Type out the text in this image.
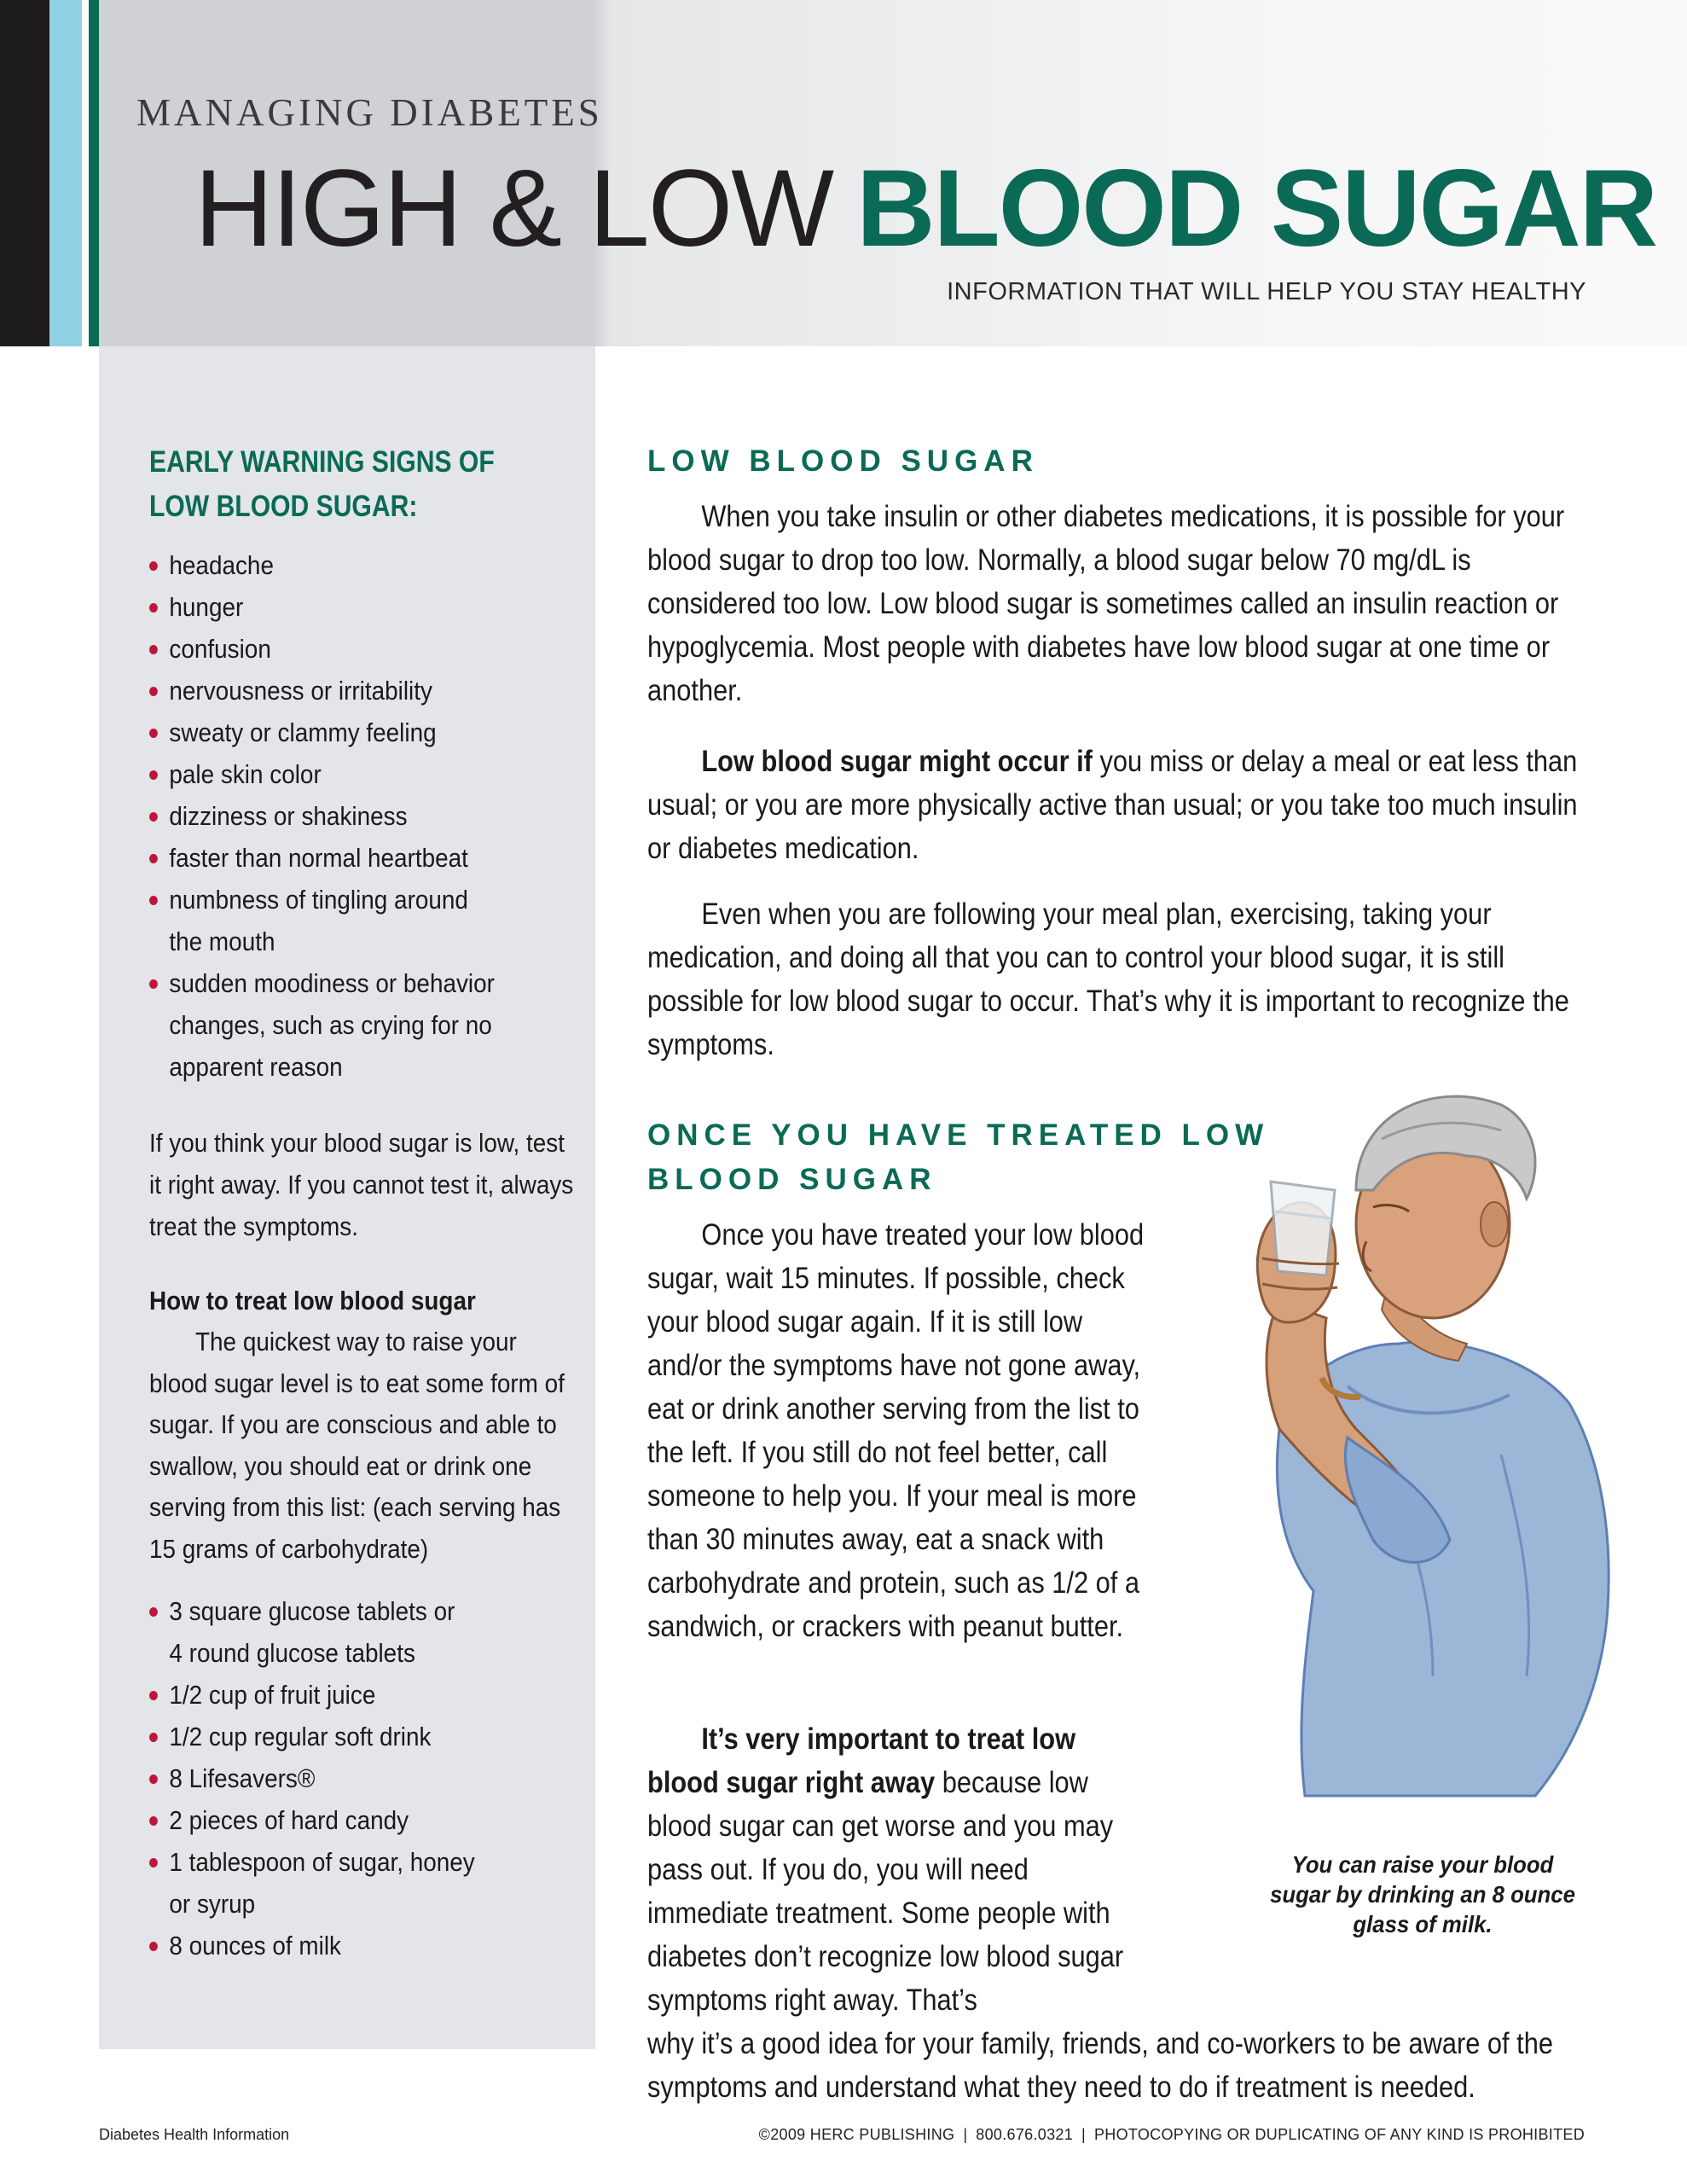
MANAGING DIABETES

HIGH & LOW BLOOD SUGAR

INFORMATION THAT WILL HELP YOU STAY HEALTHY

EARLY WARNING SIGNS OF
LOW BLOOD SUGAR:
headache
hunger
confusion
nervousness or irritability
sweaty or clammy feeling
pale skin color
dizziness or shakiness
faster than normal heartbeat
numbness of tingling around
the mouth
sudden moodiness or behavior
changes, such as crying for no
apparent reason

If you think your blood sugar is low, test it right away. If you cannot test it, always treat the symptoms.

How to treat low blood sugar

The quickest way to raise your blood sugar level is to eat some form of sugar. If you are conscious and able to swallow, you should eat or drink one serving from this list: (each serving has 15 grams of carbohydrate)

3 square glucose tablets or
4 round glucose tablets
1/2 cup of fruit juice
1/2 cup regular soft drink
8 Lifesavers®
2 pieces of hard candy
1 tablespoon of sugar, honey
or syrup
8 ounces of milk
LOW BLOOD SUGAR

When you take insulin or other diabetes medications, it is possible for your blood sugar to drop too low. Normally, a blood sugar below 70 mg/dL is considered too low. Low blood sugar is sometimes called an insulin reaction or hypoglycemia. Most people with diabetes have low blood sugar at one time or another.

Low blood sugar might occur if you miss or delay a meal or eat less than usual; or you are more physically active than usual; or you take too much insulin or diabetes medication.

Even when you are following your meal plan, exercising, taking your medication, and doing all that you can to control your blood sugar, it is still possible for low blood sugar to occur. That’s why it is important to recognize the symptoms.

ONCE YOU HAVE TREATED LOW
BLOOD SUGAR

Once you have treated your low blood sugar, wait 15 minutes. If possible, check your blood sugar again. If it is still low and/or the symptoms have not gone away, eat or drink another serving from the list to the left. If you still do not feel better, call someone to help you. If your meal is more than 30 minutes away, eat a snack with carbohydrate and protein, such as 1/2 of a sandwich, or crackers with peanut butter.

It’s very important to treat low blood sugar right away because low blood sugar can get worse and you may pass out. If you do, you will need immediate treatment. Some people with diabetes don’t recognize low blood sugar symptoms right away. That’s

why it’s a good idea for your family, friends, and co-workers to be aware of the symptoms and understand what they need to do if treatment is needed.

You can raise your blood sugar by drinking an 8 ounce glass of milk.

Diabetes Health Information	©2009 HERC PUBLISHING | 800.676.0321 | PHOTOCOPYING OR DUPLICATING OF ANY KIND IS PROHIBITED
